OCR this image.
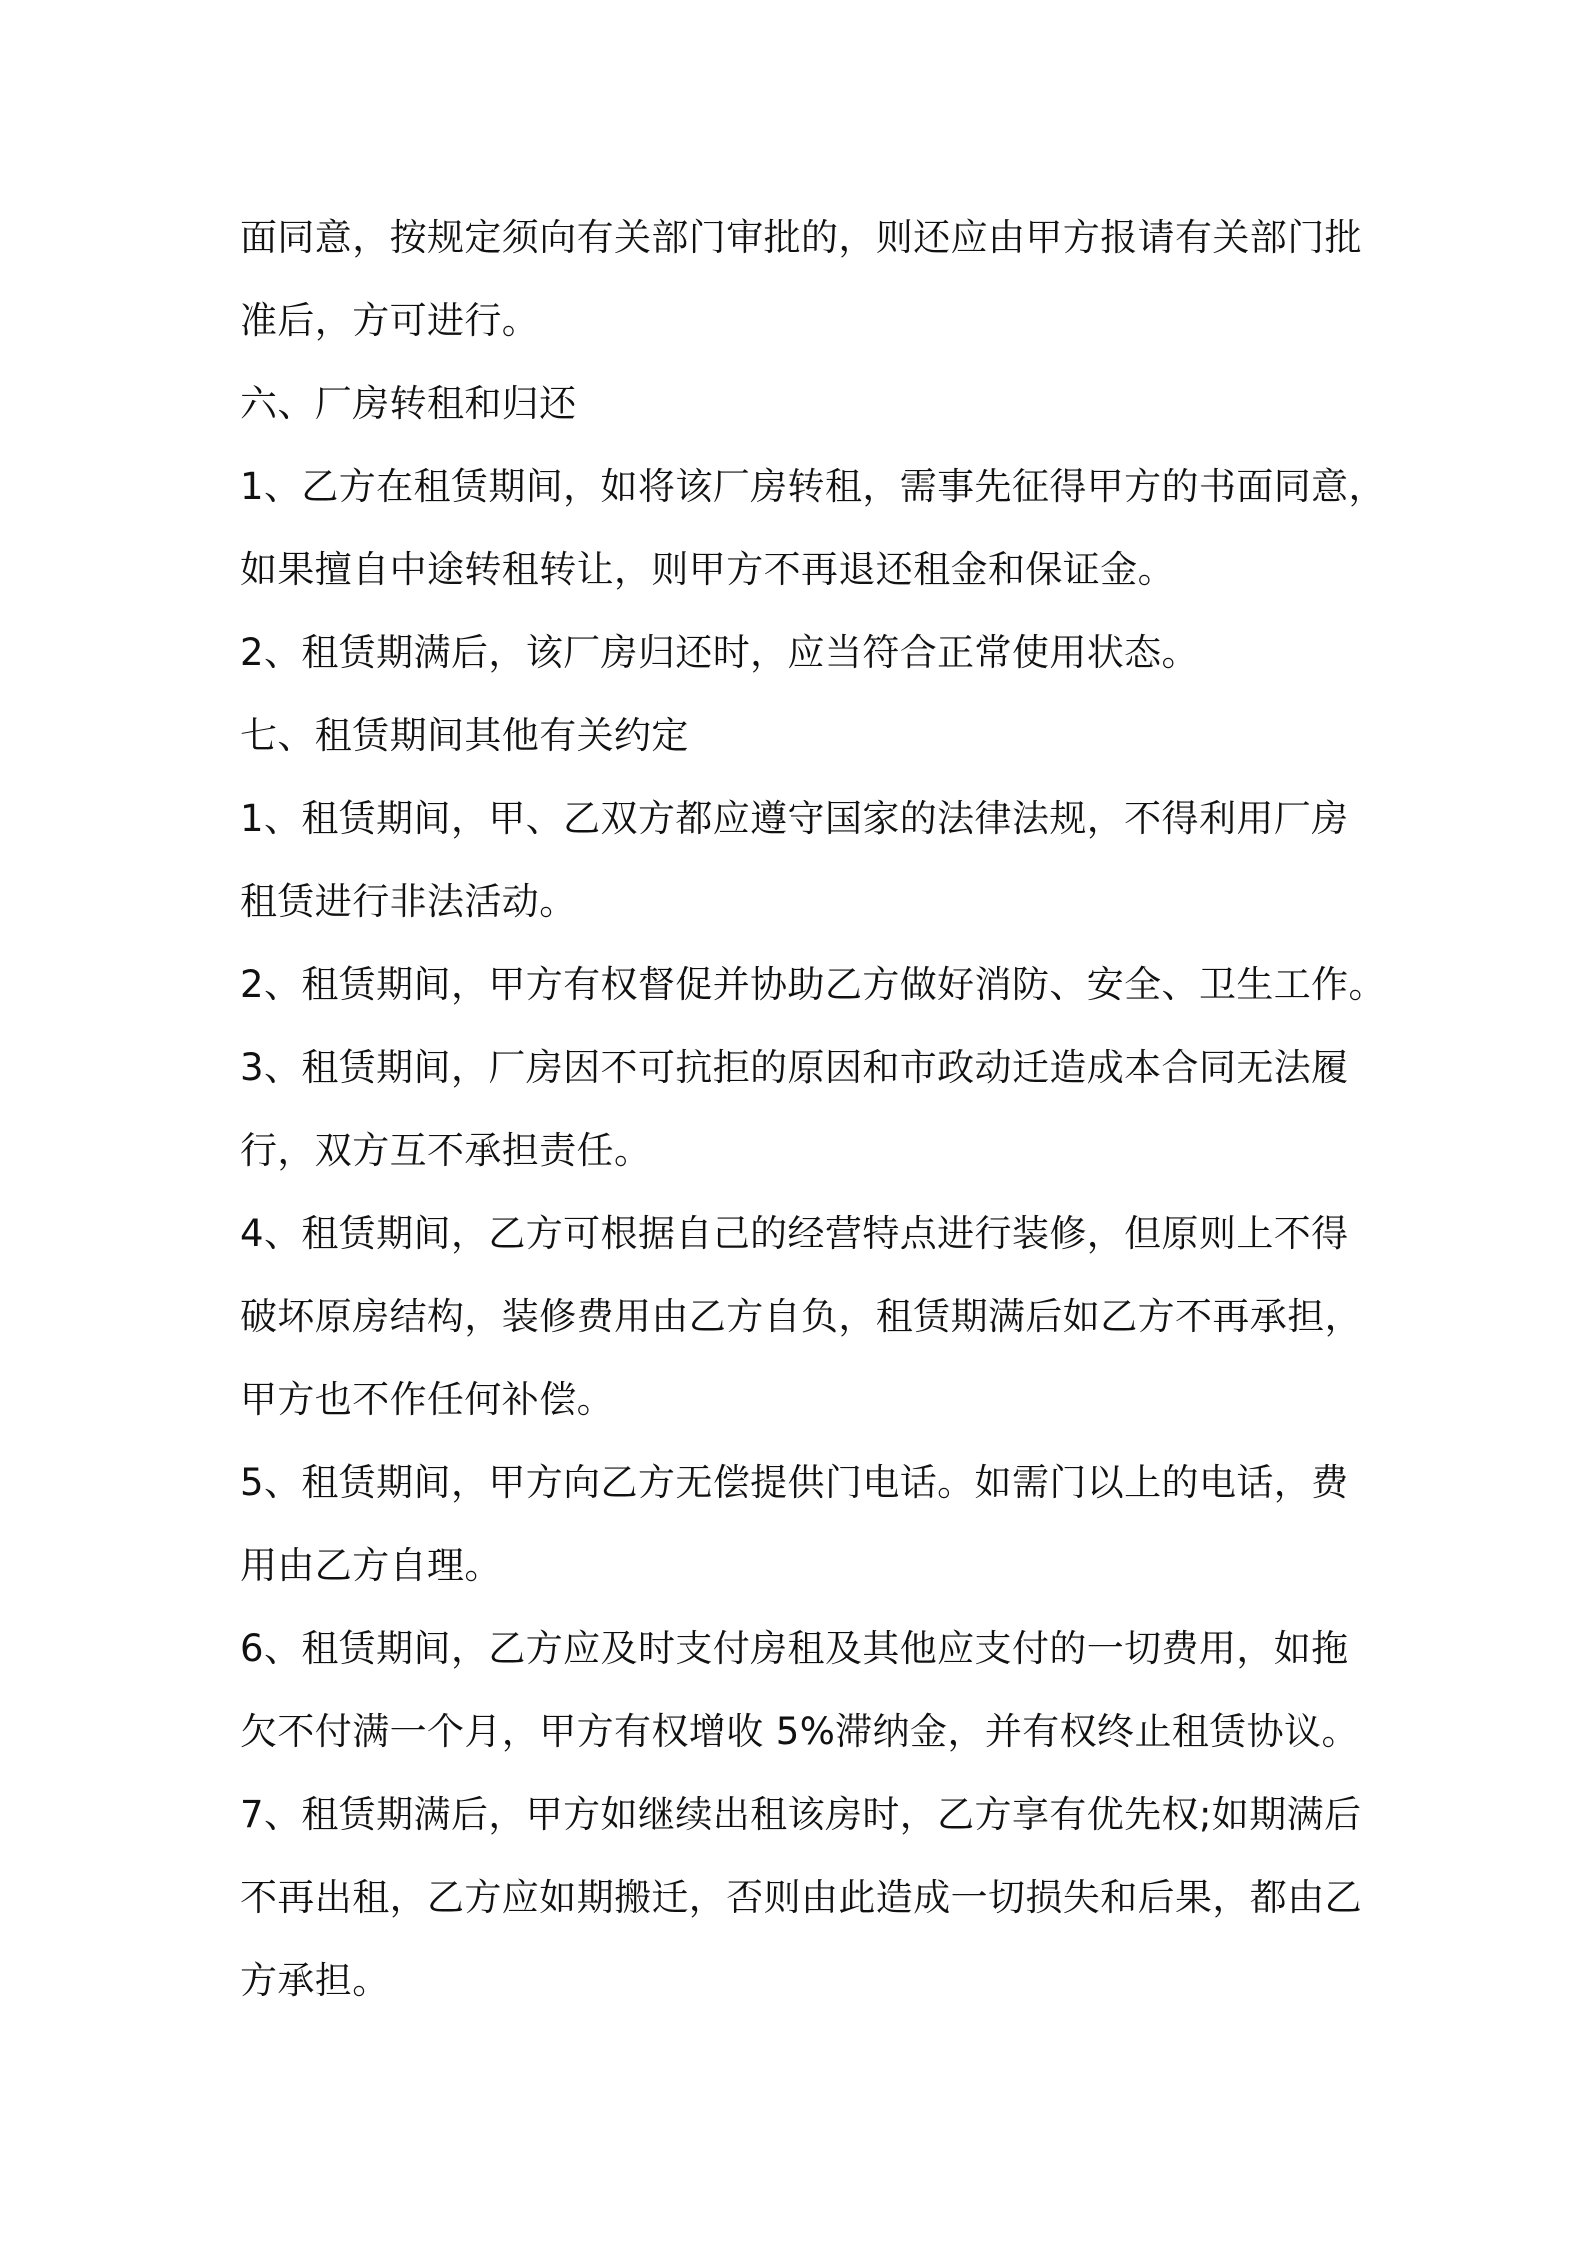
面同意，按规定须向有关部门审批的，则还应由甲方报请有关部门批
准后，方可进行。
六、厂房转租和归还
1、乙方在租赁期间，如将该厂房转租，需事先征得甲方的书面同意，
如果擅自中途转租转让，则甲方不再退还租金和保证金。
2、租赁期满后，该厂房归还时，应当符合正常使用状态。
七、租赁期间其他有关约定
1、租赁期间，甲、乙双方都应遵守国家的法律法规，不得利用厂房
租赁进行非法活动。
2、租赁期间，甲方有权督促并协助乙方做好消防、安全、卫生工作。
3、租赁期间，厂房因不可抗拒的原因和市政动迁造成本合同无法履
行，双方互不承担责任。
4、租赁期间，乙方可根据自己的经营特点进行装修，但原则上不得
破坏原房结构，装修费用由乙方自负，租赁期满后如乙方不再承担，
甲方也不作任何补偿。
5、租赁期间，甲方向乙方无偿提供门电话。如需门以上的电话，费
用由乙方自理。
6、租赁期间，乙方应及时支付房租及其他应支付的一切费用，如拖
欠不付满一个月，甲方有权增收 5%滞纳金，并有权终止租赁协议。
7、租赁期满后，甲方如继续出租该房时，乙方享有优先权;如期满后
不再出租，乙方应如期搬迁，否则由此造成一切损失和后果，都由乙
方承担。
